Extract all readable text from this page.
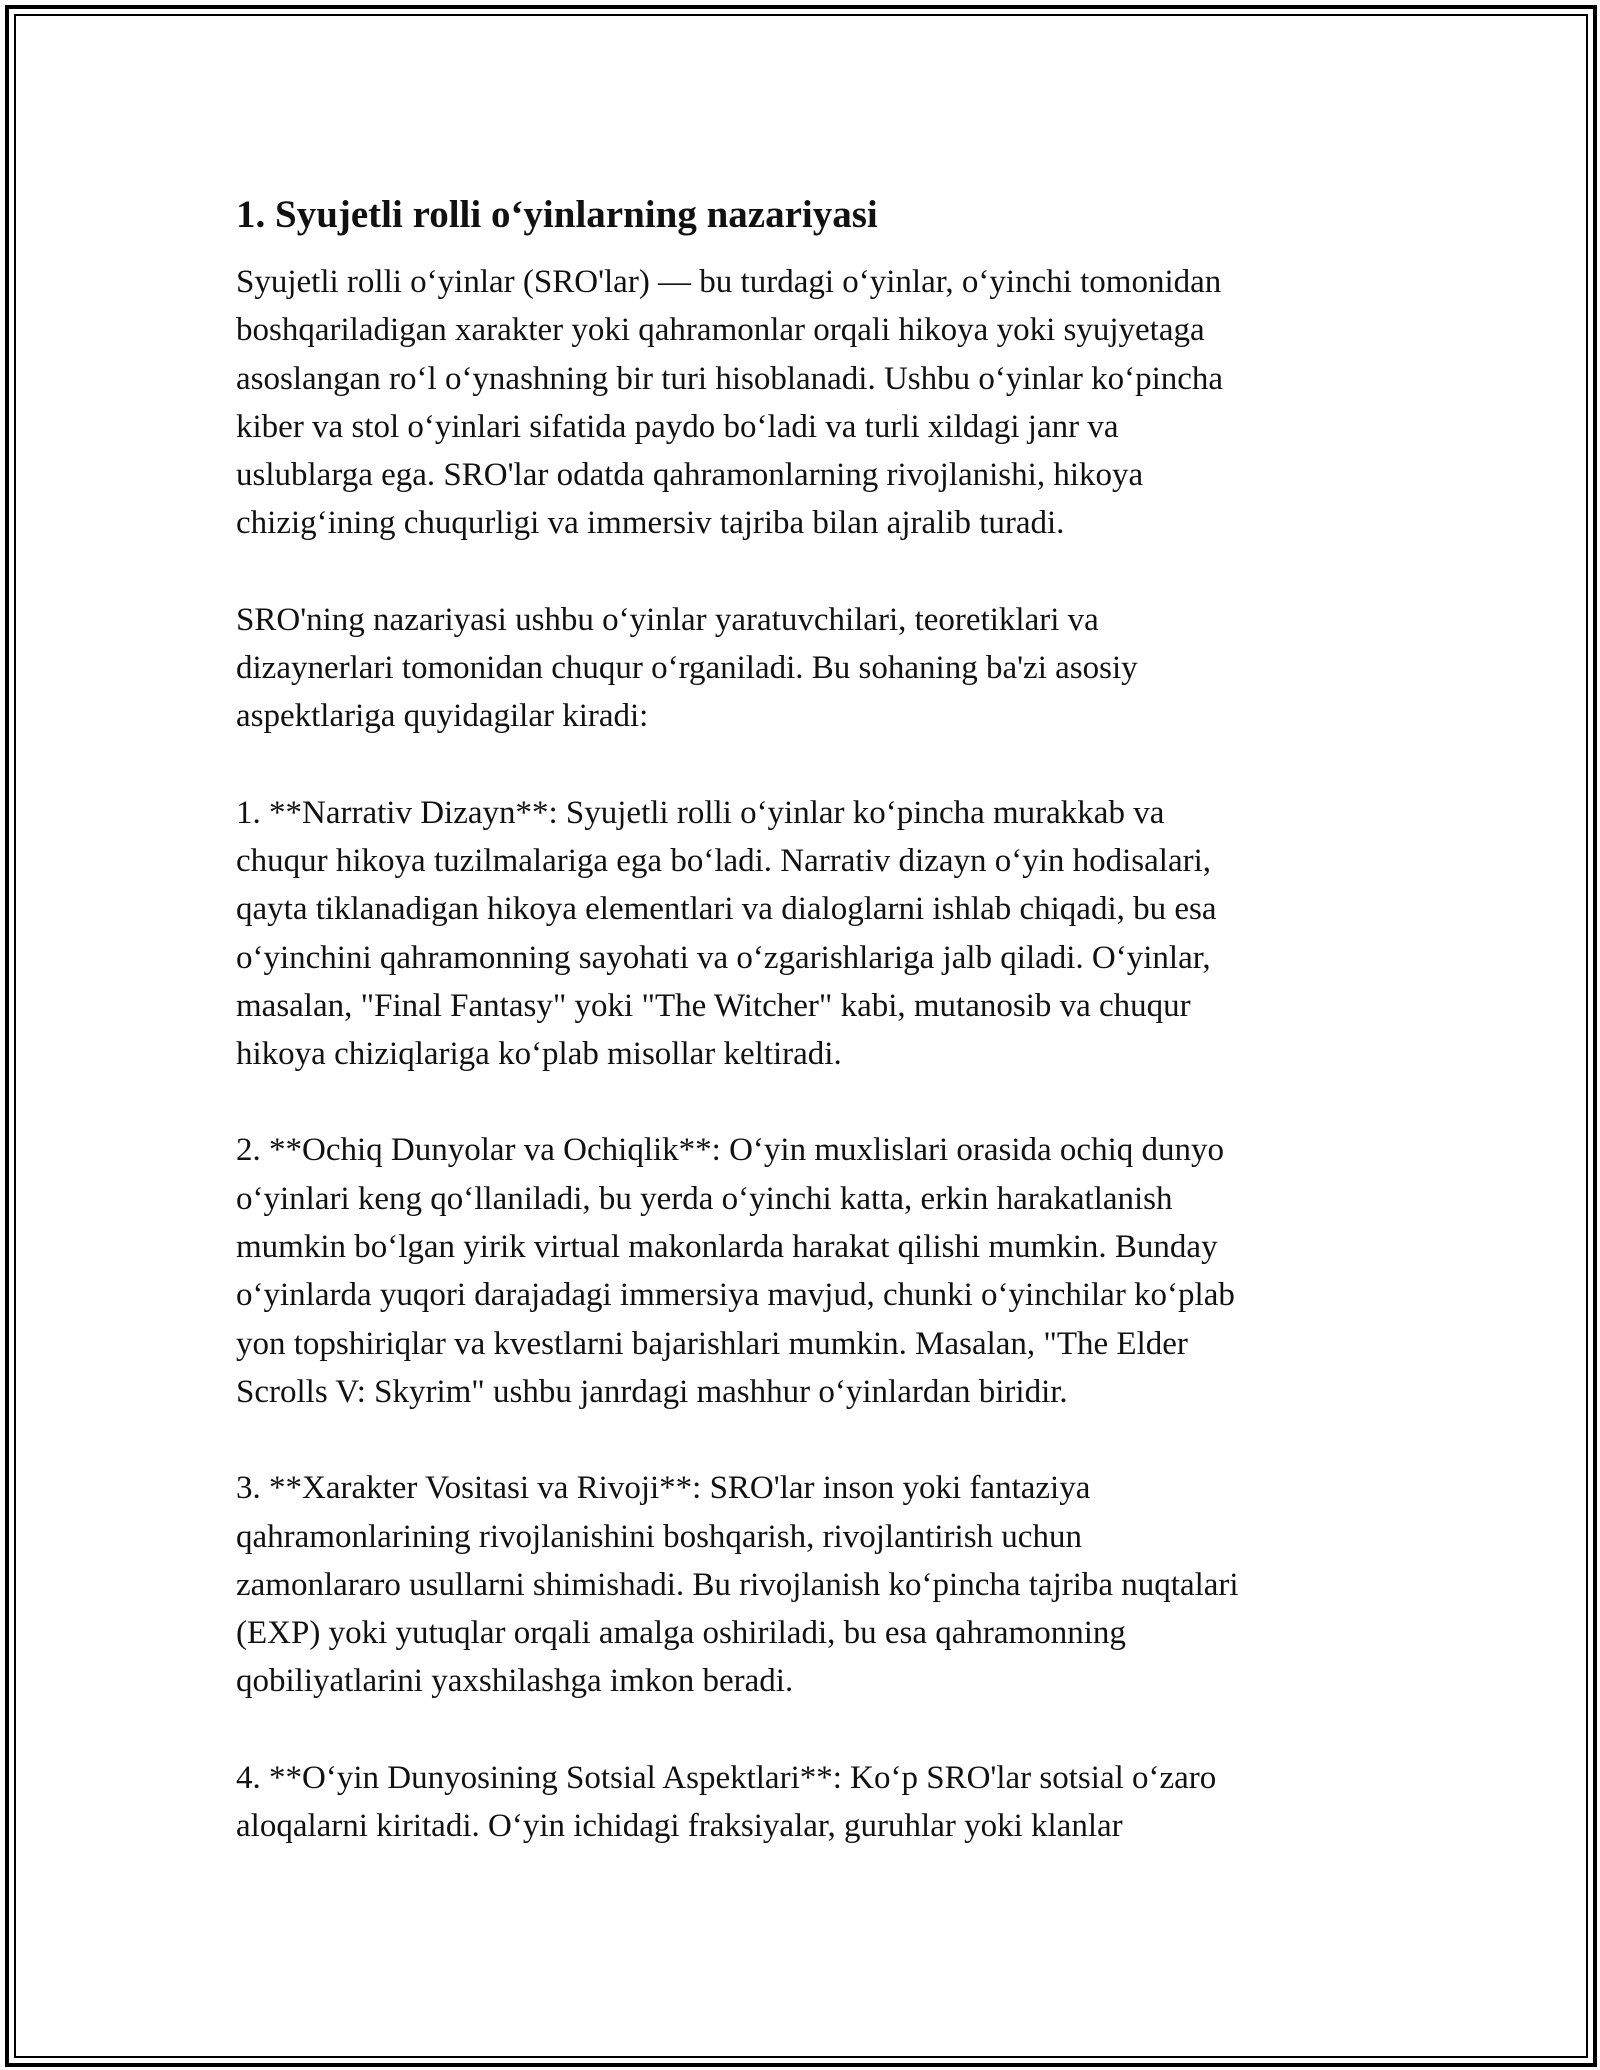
1. Syujetli rolli o‘yinlarning nazariyasi
Syujetli rolli o‘yinlar (SRO'lar) — bu turdagi o‘yinlar, o‘yinchi tomonidan
boshqariladigan xarakter yoki qahramonlar orqali hikoya yoki syujyetaga
asoslangan ro‘l o‘ynashning bir turi hisoblanadi. Ushbu o‘yinlar ko‘pincha
kiber va stol o‘yinlari sifatida paydo bo‘ladi va turli xildagi janr va
uslublarga ega. SRO'lar odatda qahramonlarning rivojlanishi, hikoya
chizig‘ining chuqurligi va immersiv tajriba bilan ajralib turadi.
SRO'ning nazariyasi ushbu o‘yinlar yaratuvchilari, teoretiklari va
dizaynerlari tomonidan chuqur o‘rganiladi. Bu sohaning ba'zi asosiy
aspektlariga quyidagilar kiradi:
1. **Narrativ Dizayn**: Syujetli rolli o‘yinlar ko‘pincha murakkab va
chuqur hikoya tuzilmalariga ega bo‘ladi. Narrativ dizayn o‘yin hodisalari,
qayta tiklanadigan hikoya elementlari va dialoglarni ishlab chiqadi, bu esa
o‘yinchini qahramonning sayohati va o‘zgarishlariga jalb qiladi. O‘yinlar,
masalan, "Final Fantasy" yoki "The Witcher" kabi, mutanosib va chuqur
hikoya chiziqlariga ko‘plab misollar keltiradi.
2. **Ochiq Dunyolar va Ochiqlik**: O‘yin muxlislari orasida ochiq dunyo
o‘yinlari keng qo‘llaniladi, bu yerda o‘yinchi katta, erkin harakatlanish
mumkin bo‘lgan yirik virtual makonlarda harakat qilishi mumkin. Bunday
o‘yinlarda yuqori darajadagi immersiya mavjud, chunki o‘yinchilar ko‘plab
yon topshiriqlar va kvestlarni bajarishlari mumkin. Masalan, "The Elder
Scrolls V: Skyrim" ushbu janrdagi mashhur o‘yinlardan biridir.
3. **Xarakter Vositasi va Rivoji**: SRO'lar inson yoki fantaziya
qahramonlarining rivojlanishini boshqarish, rivojlantirish uchun
zamonlararo usullarni shimishadi. Bu rivojlanish ko‘pincha tajriba nuqtalari
(EXP) yoki yutuqlar orqali amalga oshiriladi, bu esa qahramonning
qobiliyatlarini yaxshilashga imkon beradi.
4. **O‘yin Dunyosining Sotsial Aspektlari**: Ko‘p SRO'lar sotsial o‘zaro
aloqalarni kiritadi. O‘yin ichidagi fraksiyalar, guruhlar yoki klanlar
